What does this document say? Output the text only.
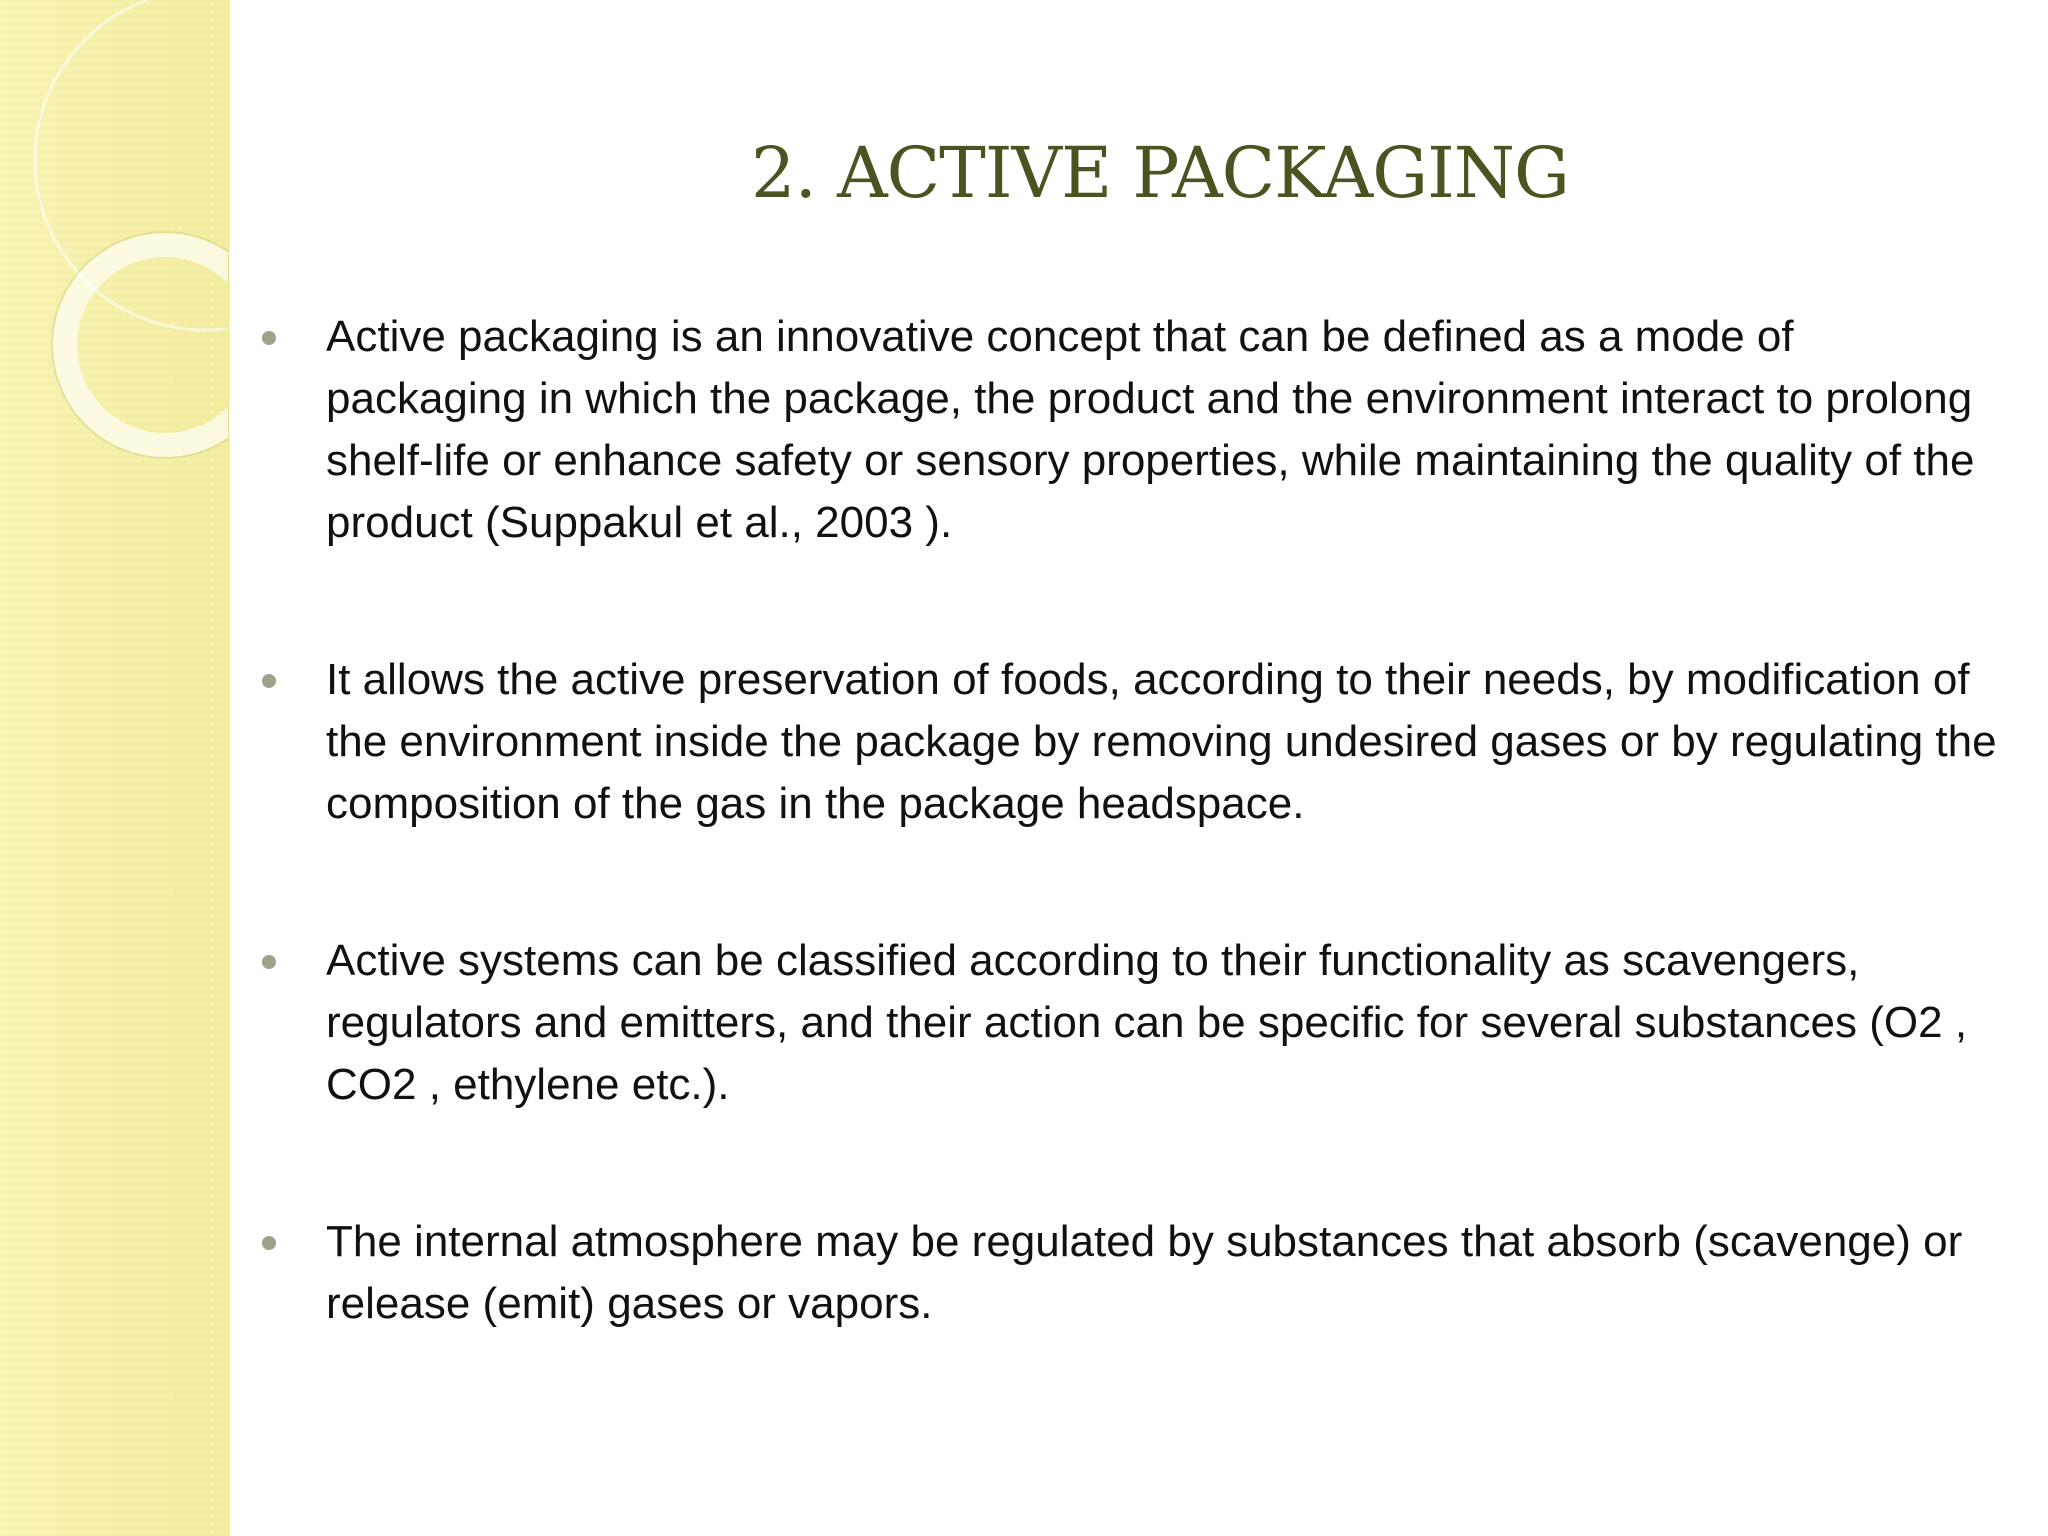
2. ACTIVE PACKAGING
Active packaging is an innovative concept that can be defined as a mode of packaging in which the package, the product and the environment interact to prolong shelf-life or enhance safety or sensory properties, while maintaining the quality of the product (Suppakul et al., 2003 ).
It allows the active preservation of foods, according to their needs, by modification of the environment inside the package by removing undesired gases or by regulating the composition of the gas in the package headspace.
Active systems can be classified according to their functionality as scavengers, regulators and emitters, and their action can be specific for several substances (O2 , CO2 , ethylene etc.).
The internal atmosphere may be regulated by substances that absorb (scavenge) or release (emit) gases or vapors.
